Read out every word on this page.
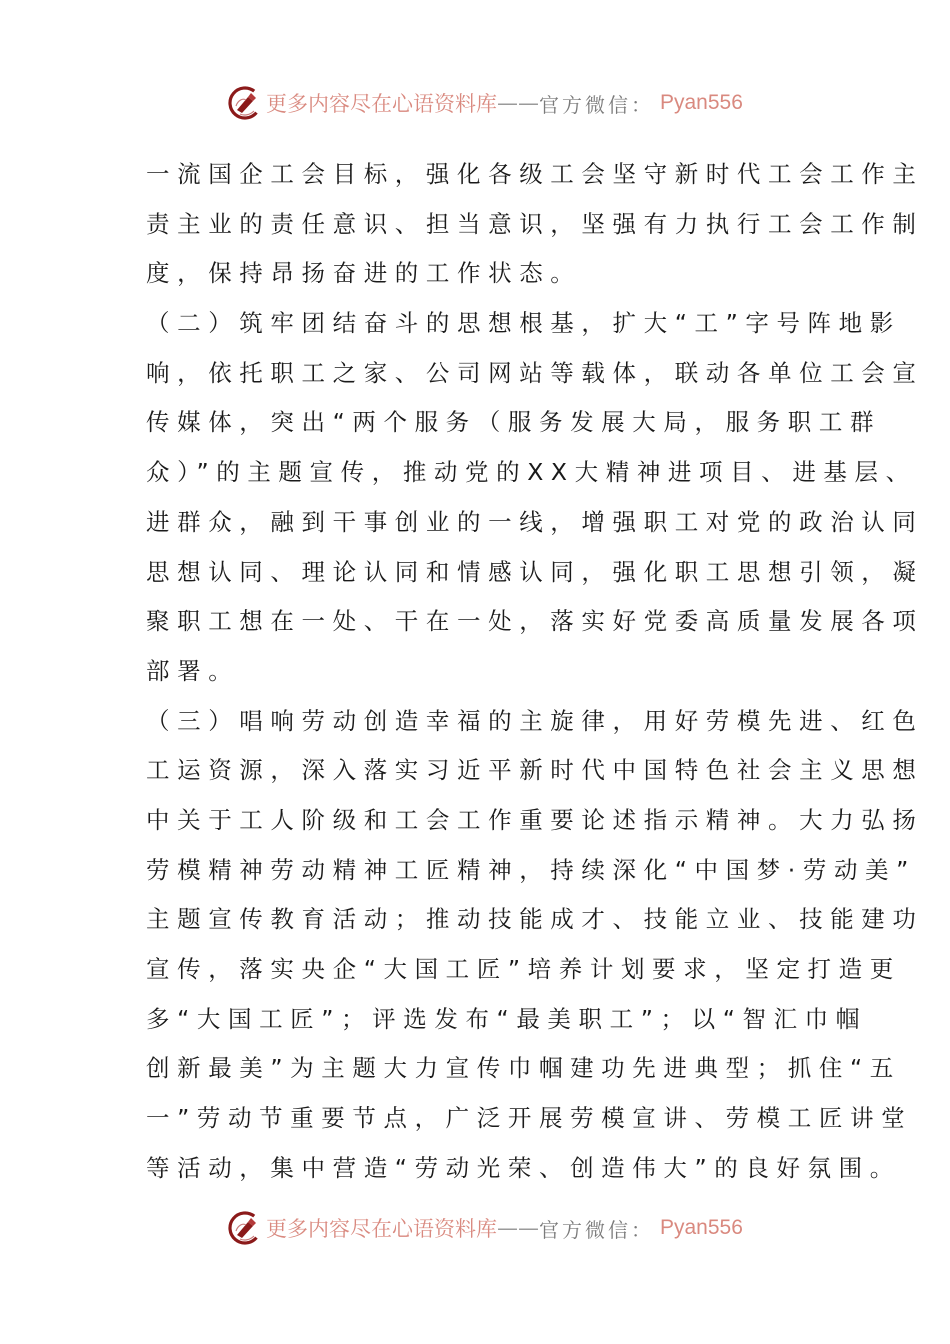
更多内容尽在心语资料库 —— 官方微信： Pyan556
一流国企工会目标，强化各级工会坚守新时代工会工作主
责主业的责任意识、担当意识，坚强有力执行工会工作制
度，保持昂扬奋进的工作状态。
（二）筑牢团结奋斗的思想根基，扩大“工”字号阵地影
响，依托职工之家、公司网站等载体，联动各单位工会宣
传媒体，突出“两个服务（服务发展大局，服务职工群
众）”的主题宣传，推动党的XX大精神进项目、进基层、
进群众，融到干事创业的一线，增强职工对党的政治认同
思想认同、理论认同和情感认同，强化职工思想引领，凝
聚职工想在一处、干在一处，落实好党委高质量发展各项
部署。
（三）唱响劳动创造幸福的主旋律，用好劳模先进、红色
工运资源，深入落实习近平新时代中国特色社会主义思想
中关于工人阶级和工会工作重要论述指示精神。大力弘扬
劳模精神劳动精神工匠精神，持续深化“中国梦·劳动美”
主题宣传教育活动；推动技能成才、技能立业、技能建功
宣传，落实央企“大国工匠”培养计划要求，坚定打造更
多“大国工匠”；评选发布“最美职工”；以“智汇巾帼
创新最美”为主题大力宣传巾帼建功先进典型；抓住“五
一”劳动节重要节点，广泛开展劳模宣讲、劳模工匠讲堂
等活动，集中营造“劳动光荣、创造伟大”的良好氛围。
更多内容尽在心语资料库 —— 官方微信： Pyan556
